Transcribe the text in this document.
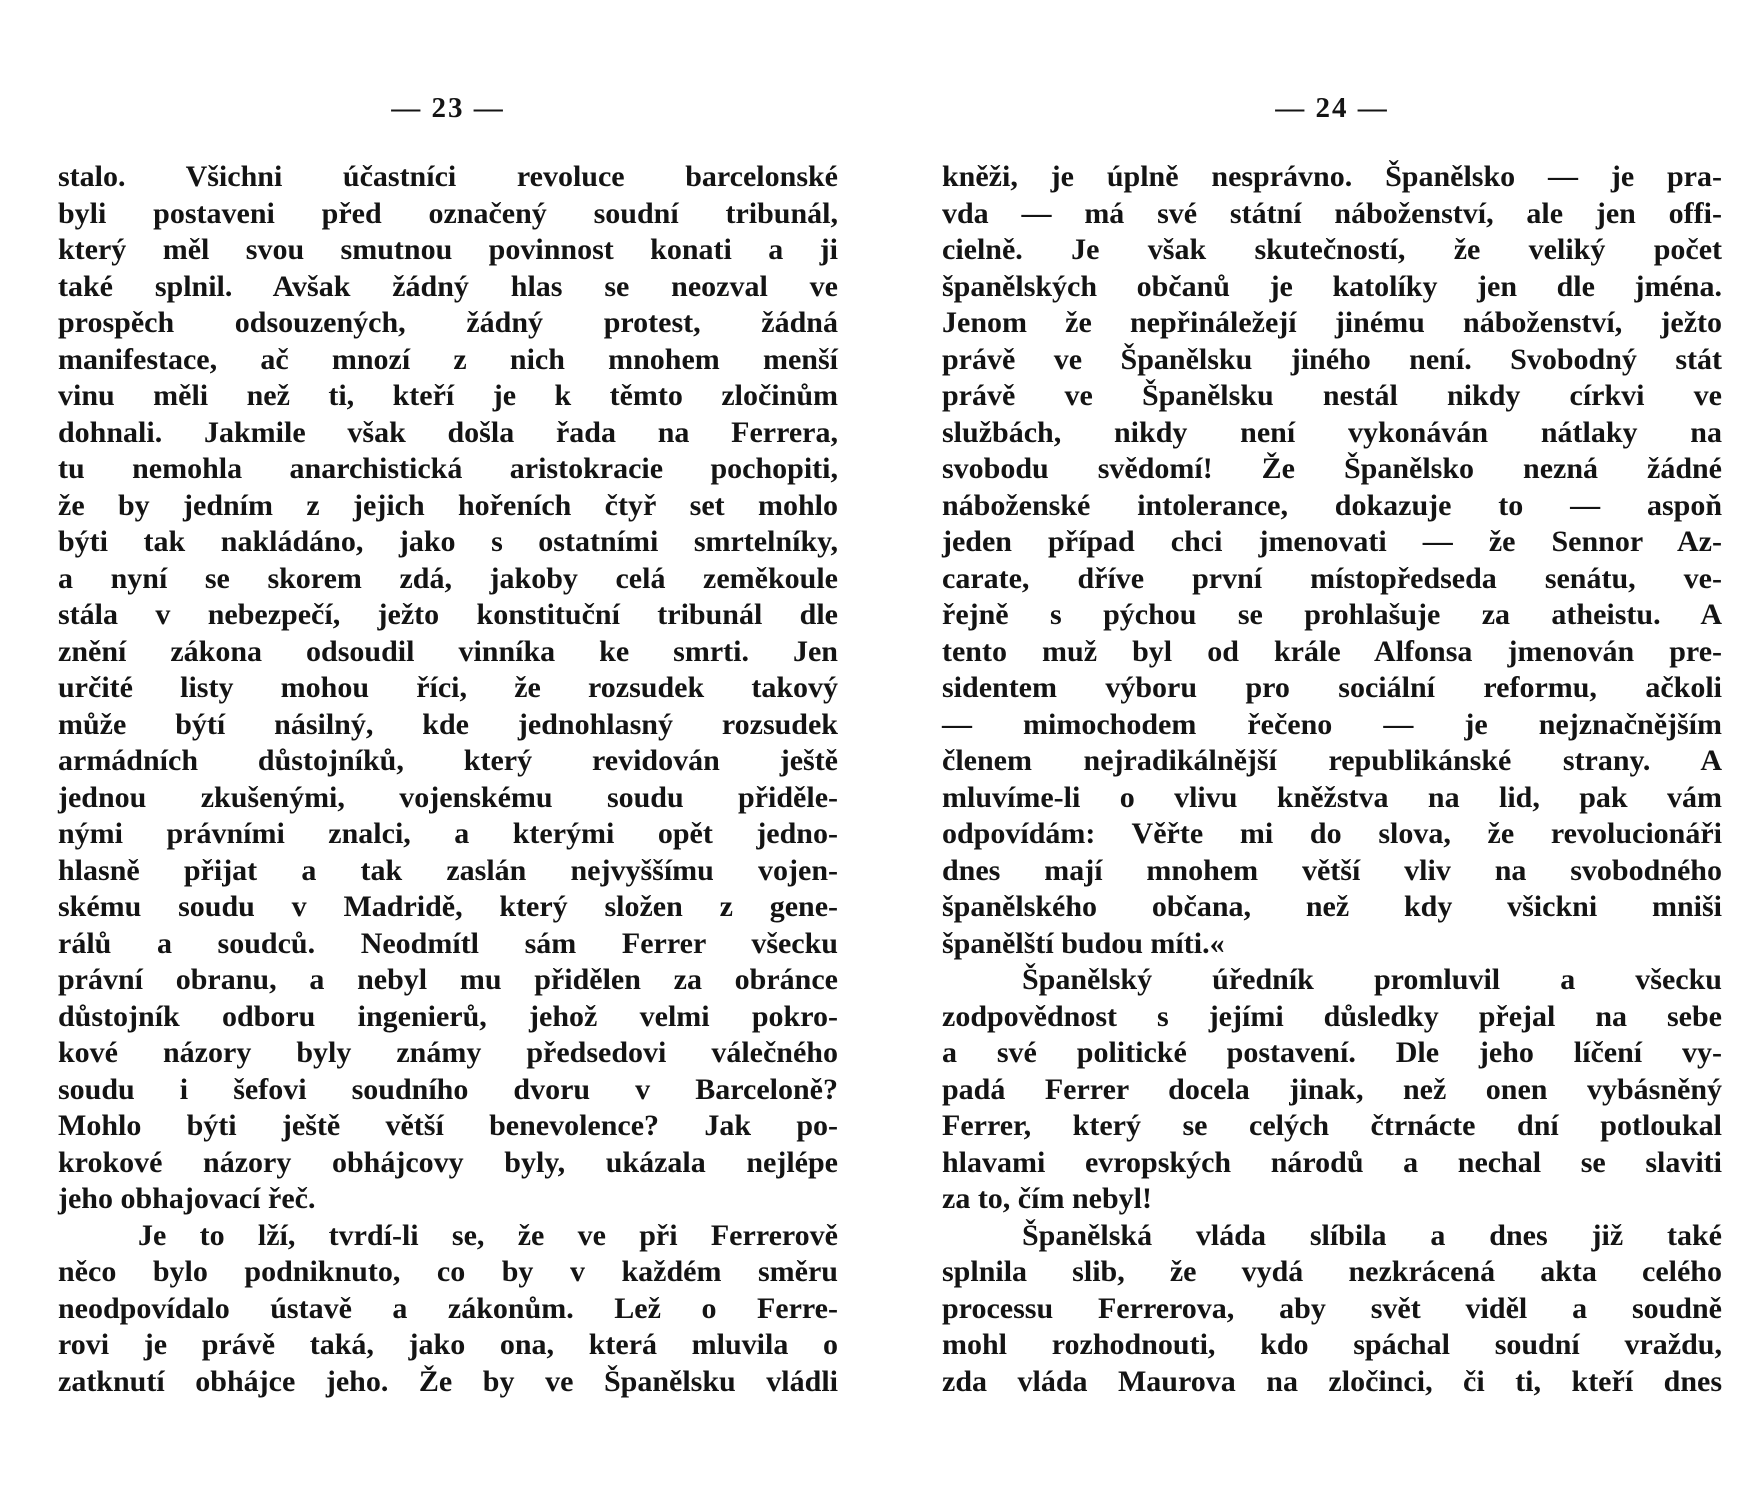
— 23 —
stalo. Všichni účastníci revoluce barcelonské
byli postaveni před označený soudní tribunál,
který měl svou smutnou povinnost konati a ji
také splnil. Avšak žádný hlas se neozval ve
prospěch odsouzených, žádný protest, žádná
manifestace, ač mnozí z nich mnohem menší
vinu měli než ti, kteří je k těmto zločinům
dohnali. Jakmile však došla řada na Ferrera,
tu nemohla anarchistická aristokracie pochopiti,
že by jedním z jejich hořeních čtyř set mohlo
býti tak nakládáno, jako s ostatními smrtelníky,
a nyní se skorem zdá, jakoby celá zeměkoule
stála v nebezpečí, ježto konstituční tribunál dle
znění zákona odsoudil vinníka ke smrti. Jen
určité listy mohou říci, že rozsudek takový
může býtí násilný, kde jednohlasný rozsudek
armádních důstojníků, který revidován ještě
jednou zkušenými, vojenskému soudu přidělе-
nými právními znalci, a kterými opět jedno-
hlasně přijat a tak zaslán nejvyššímu vojen-
skému soudu v Madridě, který složen z gene-
rálů a soudců. Neodmítl sám Ferrer všecku
právní obranu, a nebyl mu přidělen za obránce
důstojník odboru ingenierů, jehož velmi pokro-
kové názory byly známy předsedovi válečného
soudu i šefovi soudního dvoru v Barceloně?
Mohlo býti ještě větší benevolence? Jak po-
krokové názory obhájcovy byly, ukázala nejlépe
jeho obhajovací řeč.
Je to lží, tvrdí-li se, že ve při Ferrerově
něco bylo podniknuto, co by v každém směru
neodpovídalo ústavě a zákonům. Lež o Ferre-
rovi je právě taká, jako ona, která mluvila o
zatknutí obhájce jeho. Že by ve Španělsku vládli
— 24 —
kněži, je úplně nesprávno. Španělsko — je pra-
vda — má své státní náboženství, ale jen offi-
cielně. Je však skutečností, že veliký počet
španělských občanů je katolíky jen dle jména.
Jenom že nepřináležejí jinému náboženství, ježto
právě ve Španělsku jiného není. Svobodný stát
právě ve Španělsku nestál nikdy církvi ve
službách, nikdy není vykonáván nátlaky na
svobodu svědomí! Že Španělsko nezná žádné
náboženské intolerance, dokazuje to — aspoň
jeden případ chci jmenovati — že Sennor Az-
carate, dříve první místopředseda senátu, ve-
řejně s pýchou se prohlašuje za atheistu. A
tento muž byl od krále Alfonsa jmenován pre-
sidentem výboru pro sociální reformu, ačkoli
— mimochodem řečeno — je nejznačnějším
členem nejradikálnější republikánské strany. A
mluvíme-li o vlivu kněžstva na lid, pak vám
odpovídám: Věřte mi do slova, že revolucionáři
dnes mají mnohem větší vliv na svobodného
španělského občana, než kdy všickni mniši
španělští budou míti.«
Španělský úředník promluvil a všecku
zodpovědnost s jejími důsledky přejal na sebe
a své politické postavení. Dle jeho líčení vy-
padá Ferrer docela jinak, než onen vybásněný
Ferrer, který se celých čtrnácte dní potloukal
hlavami evropských národů a nechal se slaviti
za to, čím nebyl!
Španělská vláda slíbila a dnes již také
splnila slib, že vydá nezkrácená akta celého
processu Ferrerova, aby svět viděl a soudně
mohl rozhodnouti, kdo spáchal soudní vraždu,
zda vláda Maurova na zločinci, či ti, kteří dnes
